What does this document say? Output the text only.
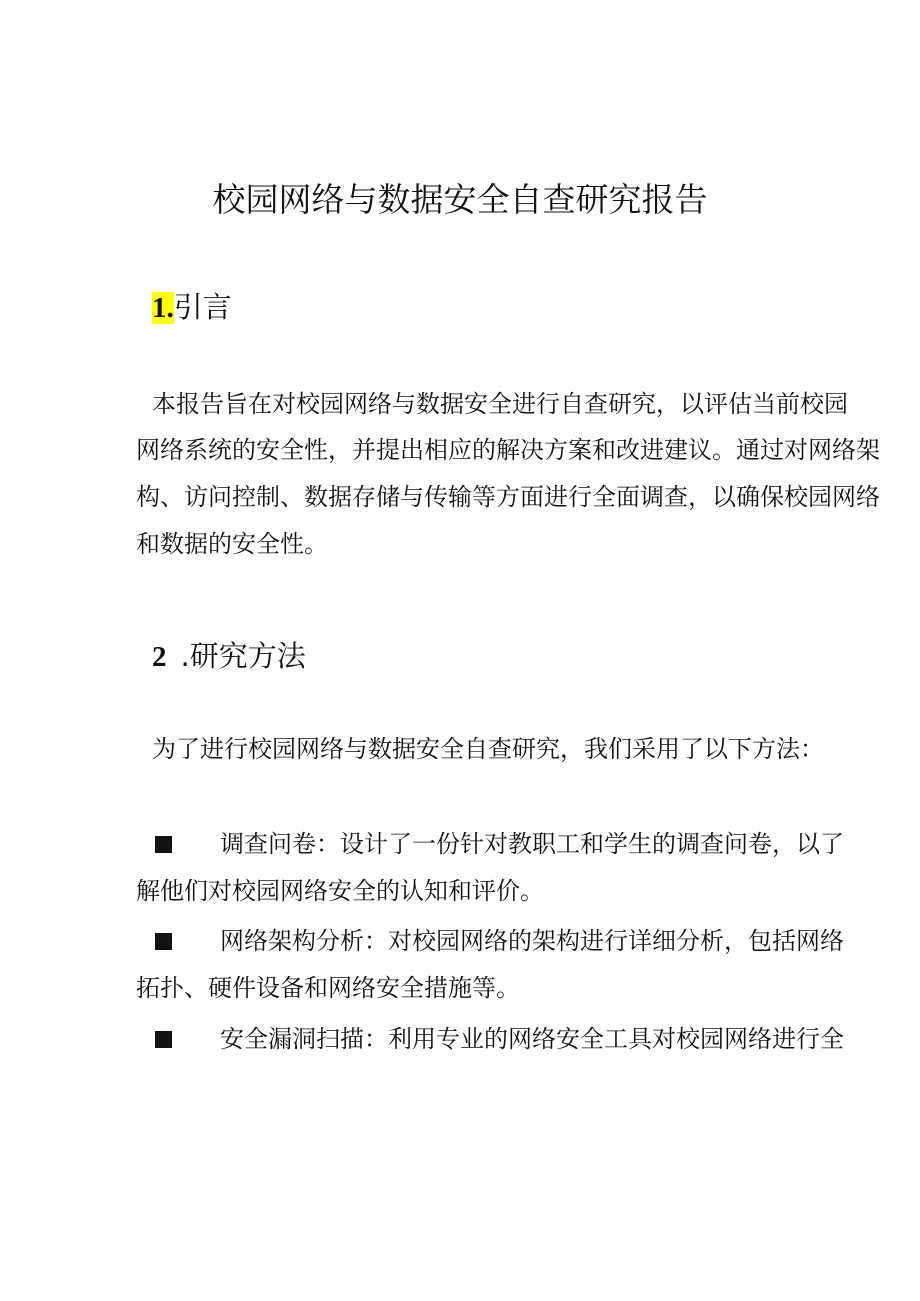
校园网络与数据安全自查研究报告
1.引言
本报告旨在对校园网络与数据安全进行自查研究，以评估当前校园
网络系统的安全性，并提出相应的解决方案和改进建议。通过对网络架
构、访问控制、数据存储与传输等方面进行全面调查，以确保校园网络
和数据的安全性。
2 .研究方法
为了进行校园网络与数据安全自查研究，我们采用了以下方法：
调查问卷：设计了一份针对教职工和学生的调查问卷，以了
解他们对校园网络安全的认知和评价。
网络架构分析：对校园网络的架构进行详细分析，包括网络
拓扑、硬件设备和网络安全措施等。
安全漏洞扫描：利用专业的网络安全工具对校园网络进行全
